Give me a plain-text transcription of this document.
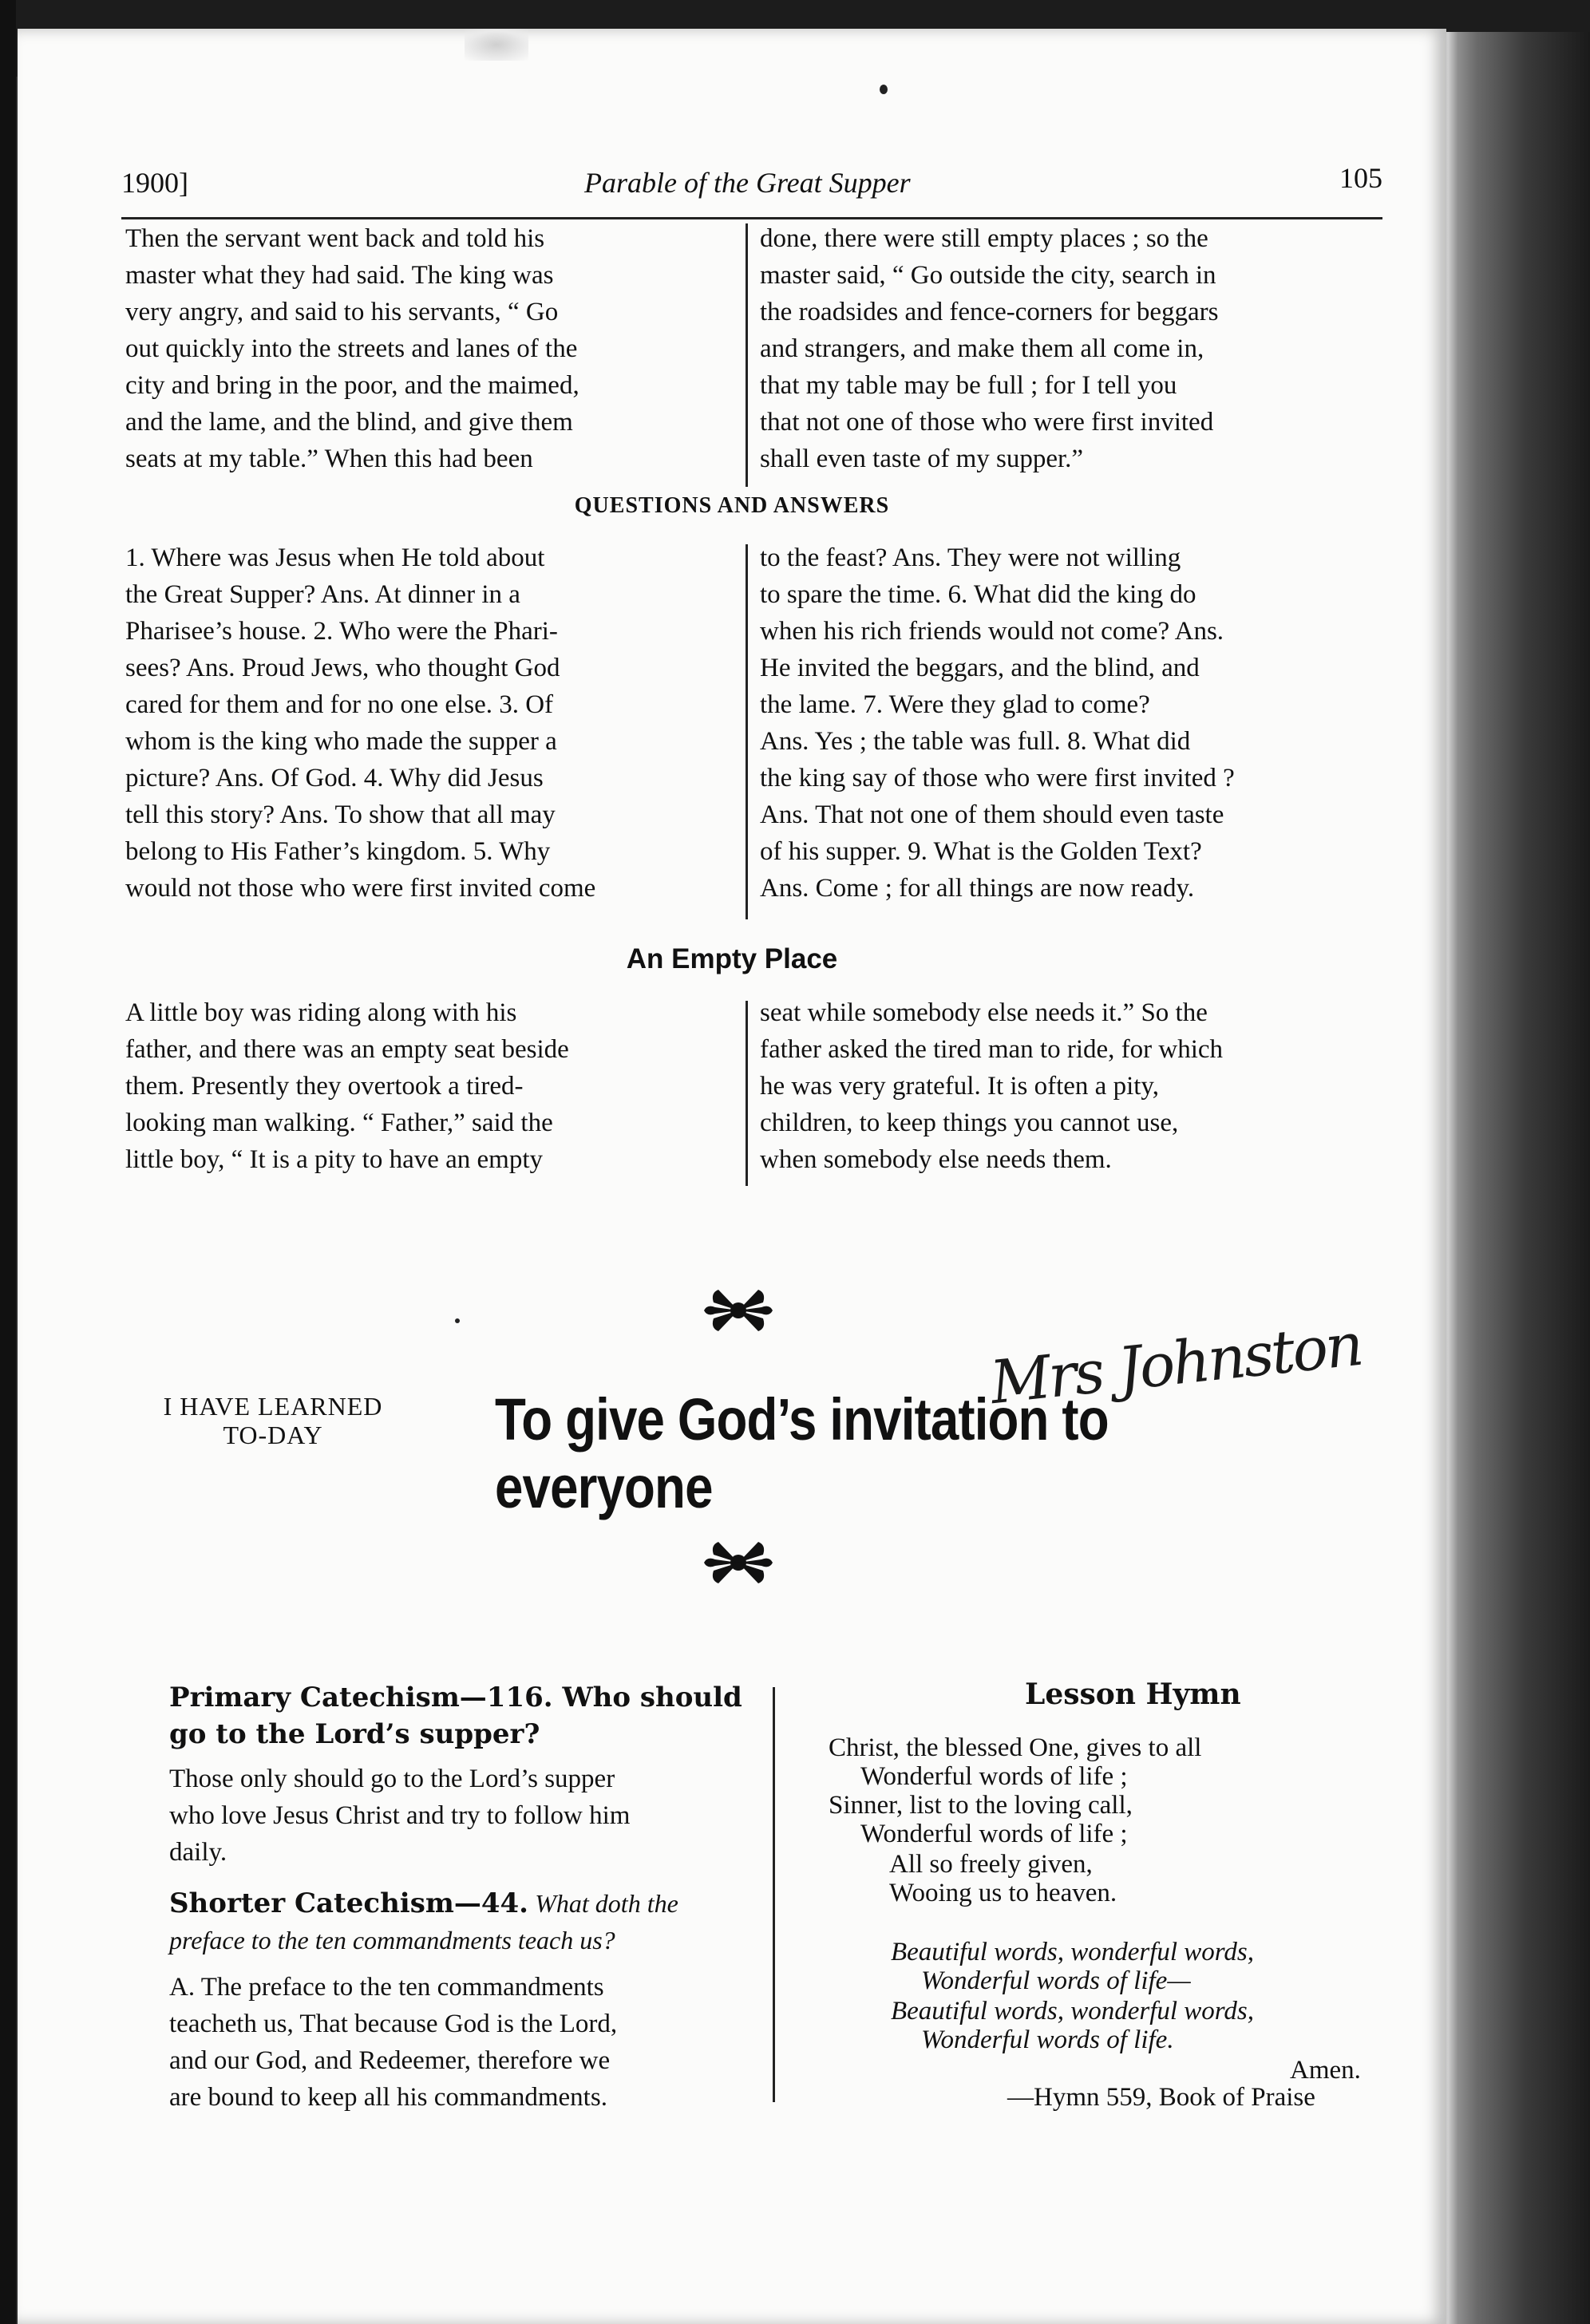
1900]	Parable of the Great Supper	105

Then the servant went back and told his

master what they had said. The king was

very angry, and said to his servants, “ Go

out quickly into the streets and lanes of the

city and bring in the poor, and the maimed,

and the lame, and the blind, and give them

seats at my table.” When this had been

done, there were still empty places ; so the

master said, “ Go outside the city, search in

the roadsides and fence-corners for beggars

and strangers, and make them all come in,

that my table may be full ; for I tell you

that not one of those who were first invited

shall even taste of my supper.”

QUESTIONS AND ANSWERS

1. Where was Jesus when He told about

the Great Supper? Ans. At dinner in a

Pharisee’s house. 2. Who were the Phari-

sees? Ans. Proud Jews, who thought God

cared for them and for no one else. 3. Of

whom is the king who made the supper a

picture? Ans. Of God. 4. Why did Jesus

tell this story? Ans. To show that all may

belong to His Father’s kingdom. 5. Why

would not those who were first invited come

to the feast? Ans. They were not willing

to spare the time. 6. What did the king do

when his rich friends would not come? Ans.

He invited the beggars, and the blind, and

the lame. 7. Were they glad to come?

Ans. Yes ; the table was full. 8. What did

the king say of those who were first invited ?

Ans. That not one of them should even taste

of his supper. 9. What is the Golden Text?

Ans. Come ; for all things are now ready.

An Empty Place

A little boy was riding along with his

father, and there was an empty seat beside

them. Presently they overtook a tired-

looking man walking. “ Father,” said the

little boy, “ It is a pity to have an empty

seat while somebody else needs it.” So the

father asked the tired man to ride, for which

he was very grateful. It is often a pity,

children, to keep things you cannot use,

when somebody else needs them.

I HAVE LEARNED
TO-DAY	To give God’s invitation to everyone
Mrs Johnston
Primary Catechism—116. Who should go to the Lord’s supper?

Those only should go to the Lord’s supper

who love Jesus Christ and try to follow him

daily.

Shorter Catechism—44. What doth the
preface to the ten commandments teach us?

A. The preface to the ten commandments

teacheth us, That because God is the Lord,

and our God, and Redeemer, therefore we

are bound to keep all his commandments.

Lesson Hymn
Christ, the blessed One, gives to all
Wonderful words of life ;
Sinner, list to the loving call,
Wonderful words of life ;
All so freely given,
Wooing us to heaven.
Beautiful words, wonderful words,
Wonderful words of life—
Beautiful words, wonderful words,
Wonderful words of life.
Amen.
—Hymn 559, Book of Praise
